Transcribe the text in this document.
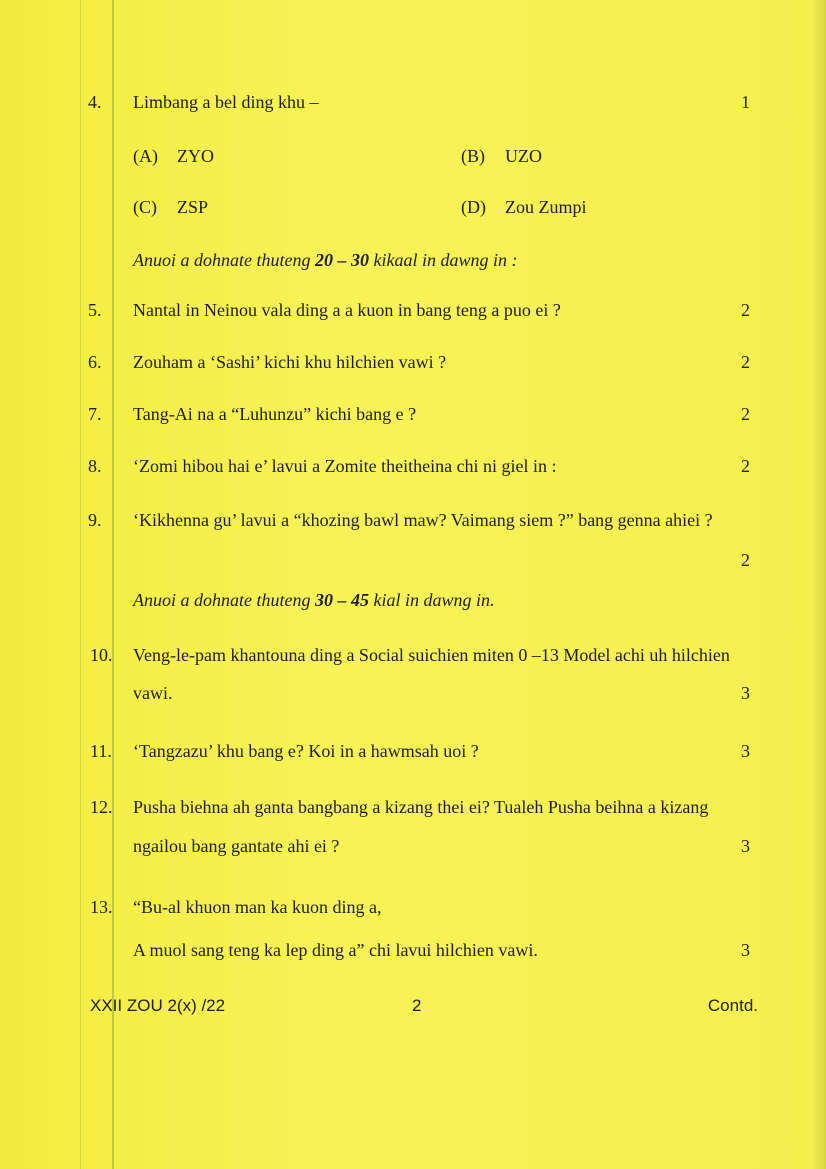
4. Limbang a bel ding khu –	1
(A) ZYO	(B) UZO
(C) ZSP	(D) Zou Zumpi
Anuoi a dohnate thuteng 20 – 30 kikaal in dawng in :
5. Nantal in Neinou vala ding a a kuon in bang teng a puo ei ?	2
6. Zouham a ‘Sashi’ kichi khu hilchien vawi ?	2
7. Tang-Ai na a “Luhunzu” kichi bang e ?	2
8. ‘Zomi hibou hai e’ lavui a Zomite theitheina chi ni giel in :	2
9. ‘Kikhenna gu’ lavui a “khozing bawl maw? Vaimang siem ?” bang genna ahiei ?
2
Anuoi a dohnate thuteng 30 – 45 kial in dawng in.
10. Veng-le-pam khantouna ding a Social suichien miten 0 –13 Model achi uh hilchien
vawi.	3
11. ‘Tangzazu’ khu bang e? Koi in a hawmsah uoi ?	3
12. Pusha biehna ah ganta bangbang a kizang thei ei? Tualeh Pusha beihna a kizang
ngailou bang gantate ahi ei ?	3
13. “Bu-al khuon man ka kuon ding a,
A muol sang teng ka lep ding a” chi lavui hilchien vawi.	3
XXII ZOU 2(x) /22	2	Contd.
